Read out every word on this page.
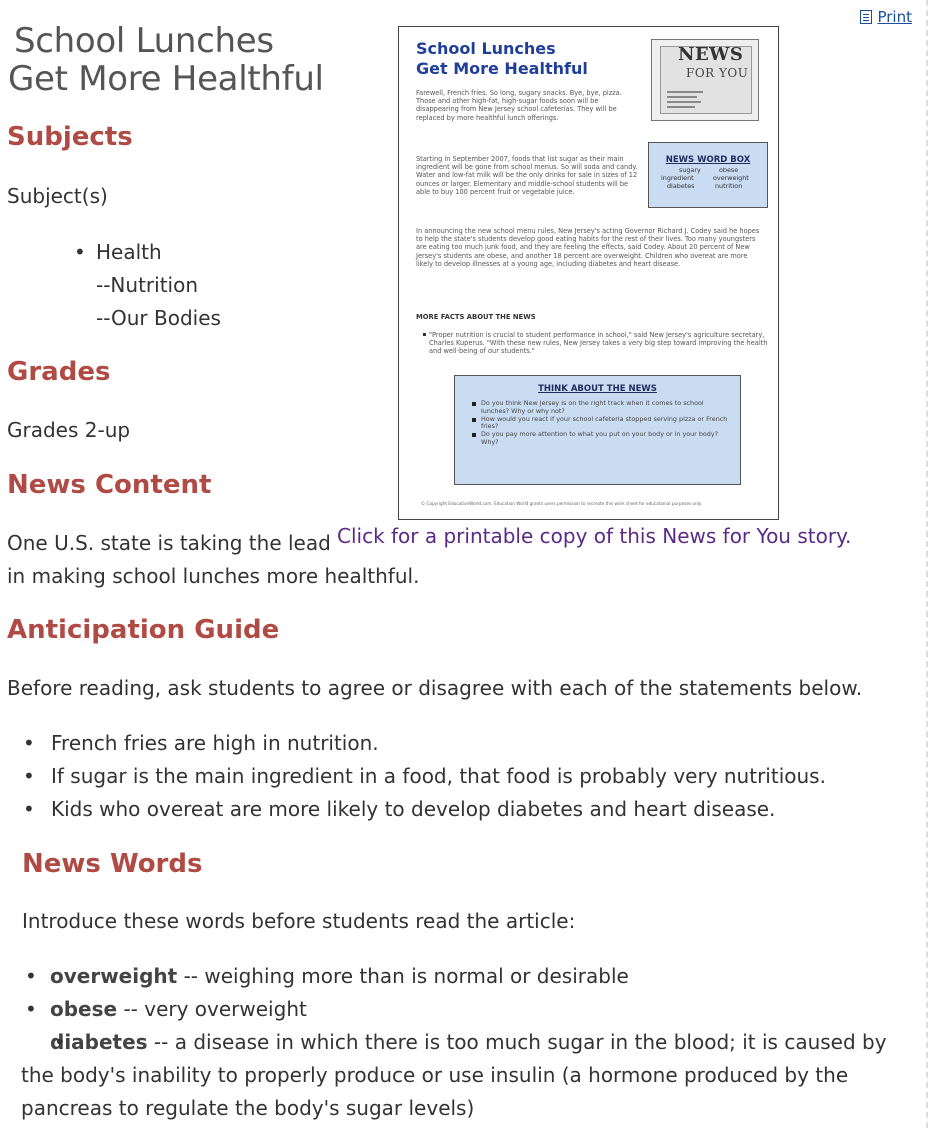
School Lunches
Get More Healthful
Print
Subjects

Subject(s)

• Health
--Nutrition
--Our Bodies
Grades

Grades 2-up

News Content

One U.S. state is taking the lead

in making school lunches more healthful.

School Lunches
Get More Healthful
NEWS
FOR YOU
Farewell, French fries. So long, sugary snacks. Bye, bye, pizza. Those and other high-fat, high-sugar foods soon will be disappearing from New Jersey school cafeterias. They will be replaced by more healthful lunch offerings.
Starting in September 2007, foods that list sugar as their main ingredient will be gone from school menus. So will soda and candy. Water and low-fat milk will be the only drinks for sale in sizes of 12 ounces or larger. Elementary and middle-school students will be able to buy 100 percent fruit or vegetable juice.
NEWS WORD BOX
sugary	obese
ingredient	overweight
diabetes	nutrition
In announcing the new school menu rules, New Jersey's acting Governor Richard J. Codey said he hopes to help the state's students develop good eating habits for the rest of their lives. Too many youngsters are eating too much junk food, and they are feeling the effects, said Codey. About 20 percent of New Jersey's students are obese, and another 18 percent are overweight. Children who overeat are more likely to develop illnesses at a young age, including diabetes and heart disease.
MORE FACTS ABOUT THE NEWS
"Proper nutrition is crucial to student performance in school," said New Jersey's agriculture secretary, Charles Kuperus. "With these new rules, New Jersey takes a very big step toward improving the health and well-being of our students."
THINK ABOUT THE NEWS
Do you think New Jersey is on the right track when it comes to school lunches? Why or why not?
How would you react if your school cafeteria stopped serving pizza or French fries?
Do you pay more attention to what you put on your body or in your body? Why?
© Copyright EducationWorld.com. Education World grants users permission to recreate this work sheet for educational purposes only.
Click for a printable copy of this News for You story.
Anticipation Guide

Before reading, ask students to agree or disagree with each of the statements below.

• French fries are high in nutrition.
• If sugar is the main ingredient in a food, that food is probably very nutritious.
• Kids who overeat are more likely to develop diabetes and heart disease.
News Words

Introduce these words before students read the article:

• overweight -- weighing more than is normal or desirable
• obese -- very overweight
• diabetes -- a disease in which there is too much sugar in the blood; it is caused by the body's inability to properly produce or use insulin (a hormone produced by the pancreas to regulate the body's sugar levels)
